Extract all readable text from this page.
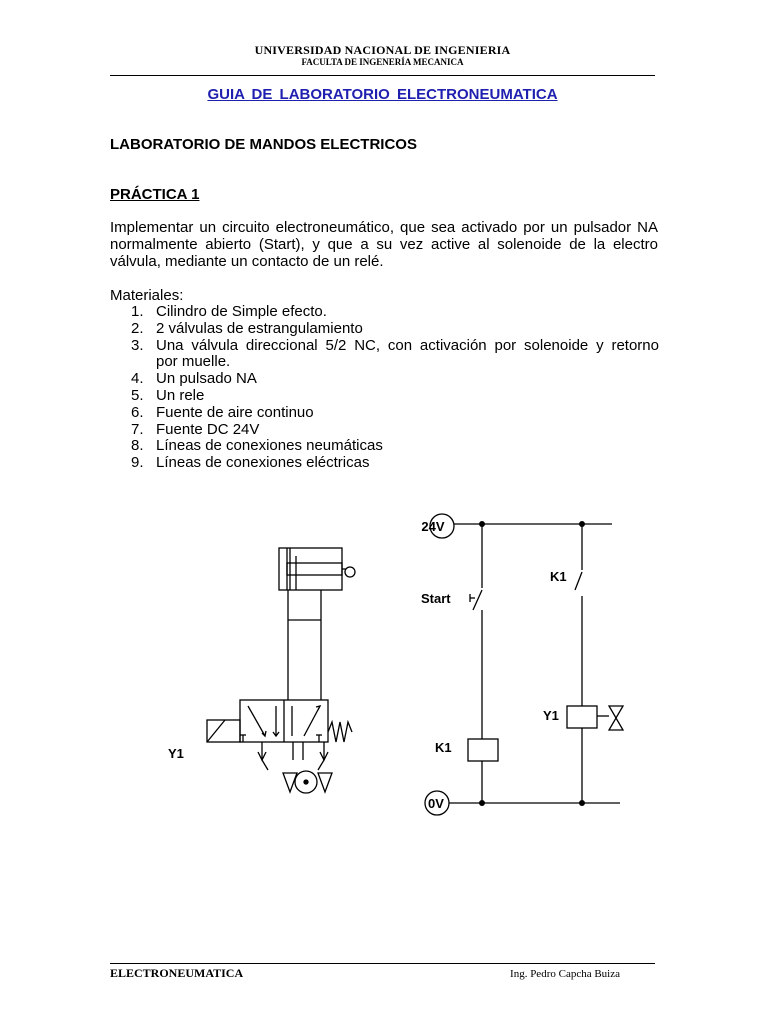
UNIVERSIDAD NACIONAL DE INGENIERIA
FACULTA DE INGENERÍA MECANICA
GUIA DE LABORATORIO ELECTRONEUMATICA
LABORATORIO DE MANDOS ELECTRICOS
PRÁCTICA 1
Implementar un circuito electroneumático, que sea activado por un pulsador NA
normalmente abierto (Start), y que a su vez active al solenoide de la electro
válvula, mediante un contacto de un relé.
Materiales:
1. Cilindro de Simple efecto.
2. 2 válvulas de estrangulamiento
3. Una válvula direccional 5/2 NC, con activación por solenoide y retorno
por muelle.
4. Un pulsado NA
5. Un rele
6. Fuente de aire continuo
7. Fuente DC 24V
8. Líneas de conexiones neumáticas
9. Líneas de conexiones eléctricas
Y1
24V
0V
Start
K1
K1
Y1
ELECTRONEUMATICA	Ing. Pedro Capcha Buiza
